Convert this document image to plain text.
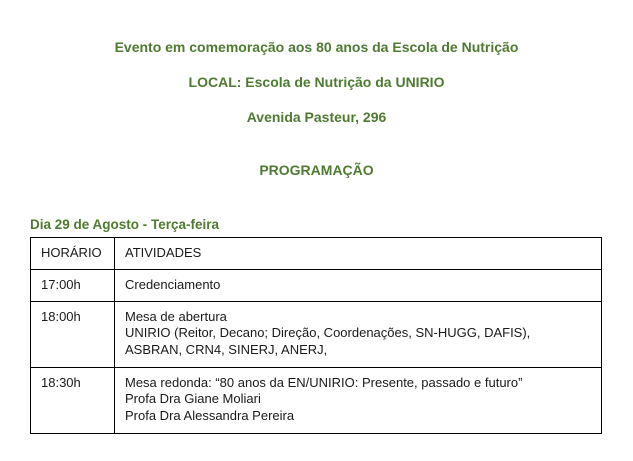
Evento em comemoração aos 80 anos da Escola de Nutrição
LOCAL: Escola de Nutrição da UNIRIO
Avenida Pasteur, 296
PROGRAMAÇÃO
Dia 29 de Agosto - Terça-feira
HORÁRIO	ATIVIDADES
17:00h	Credenciamento

18:00h	Mesa de abertura
UNIRIO (Reitor, Decano; Direção, Coordenações, SN-HUGG, DAFIS),
ASBRAN, CRN4, SINERJ, ANERJ,

18:30h	Mesa redonda: “80 anos da EN/UNIRIO: Presente, passado e futuro”
Profa Dra Giane Moliari
Profa Dra Alessandra Pereira
